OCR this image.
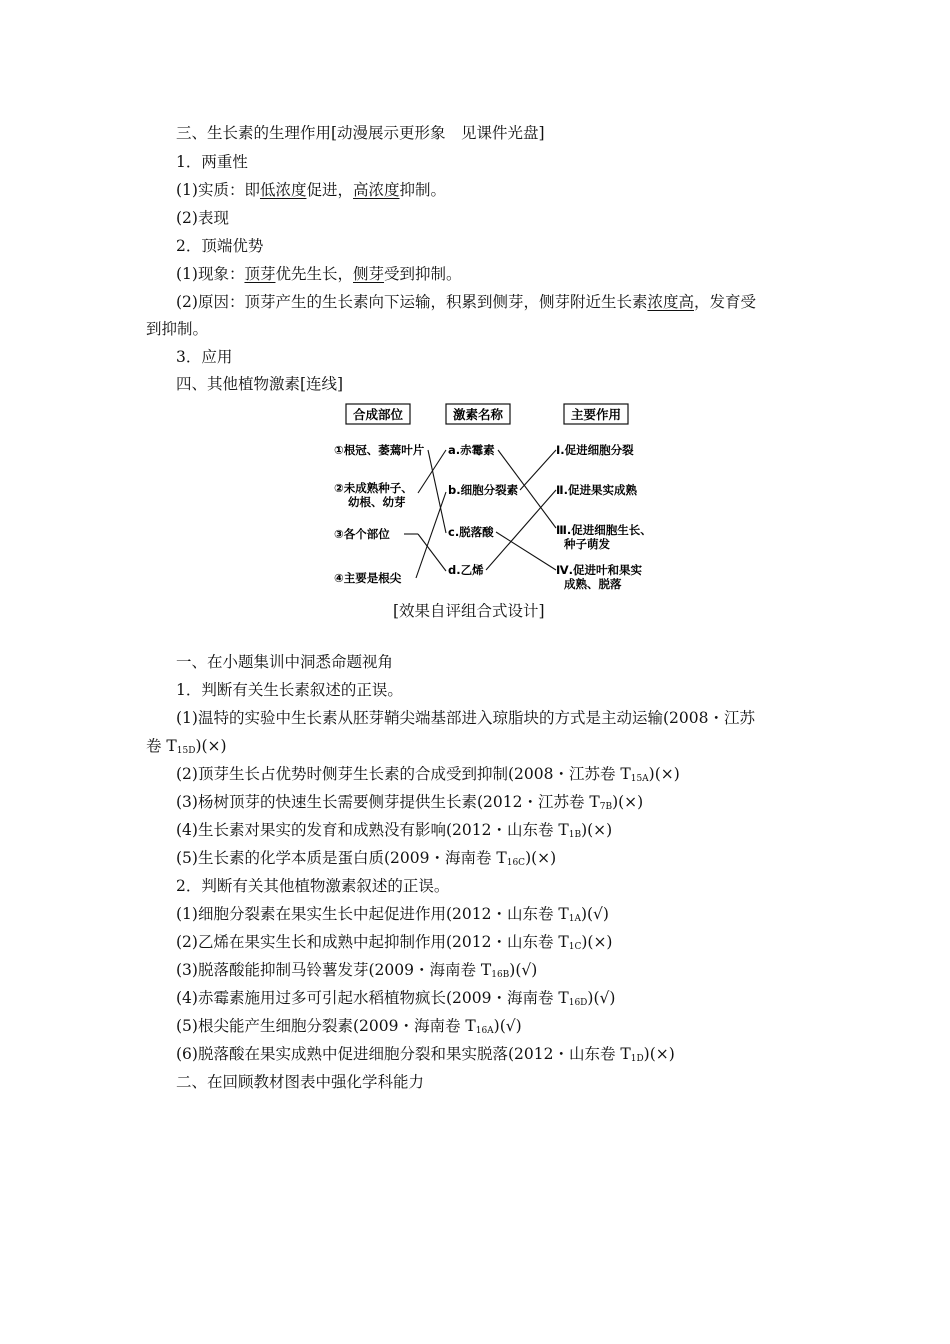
三、生长素的生理作用[动漫展示更形象　见课件光盘]
1．两重性
(1)实质：即低浓度促进，高浓度抑制。
(2)表现
2．顶端优势
(1)现象：顶芽优先生长，侧芽受到抑制。
(2)原因：顶芽产生的生长素向下运输，积累到侧芽，侧芽附近生长素浓度高，发育受
到抑制。
3．应用
四、其他植物激素[连线]
合成部位	激素名称	主要作用
①根冠、萎蔫叶片
②未成熟种子、
幼根、幼芽
③各个部位
④主要是根尖
a.赤霉素
b.细胞分裂素
c.脱落酸
d.乙烯
Ⅰ.促进细胞分裂
Ⅱ.促进果实成熟
Ⅲ.促进细胞生长、
种子萌发
Ⅳ.促进叶和果实
成熟、脱落
[效果自评组合式设计]
一、在小题集训中洞悉命题视角
1．判断有关生长素叙述的正误。
(1)温特的实验中生长素从胚芽鞘尖端基部进入琼脂块的方式是主动运输(2008・江苏
卷 $T_{15D})(\times)$
(2)顶芽生长占优势时侧芽生长素的合成受到抑制(2008・江苏卷 $T_{15A})(\times)$
(3)杨树顶芽的快速生长需要侧芽提供生长素(2012・江苏卷 $T_{7B})(\times)$
(4)生长素对果实的发育和成熟没有影响(2012・山东卷 $T_{1B})(\times)$
(5)生长素的化学本质是蛋白质(2009・海南卷 $T_{16C})(\times)$
2．判断有关其他植物激素叙述的正误。
(1)细胞分裂素在果实生长中起促进作用(2012・山东卷 $T_{1A})(√)$
(2)乙烯在果实生长和成熟中起抑制作用(2012・山东卷 $T_{1C})(\times)$
(3)脱落酸能抑制马铃薯发芽(2009・海南卷 $T_{16B})(√)$
(4)赤霉素施用过多可引起水稻植物疯长(2009・海南卷 $T_{16D})(√)$
(5)根尖能产生细胞分裂素(2009・海南卷 $T_{16A})(√)$
(6)脱落酸在果实成熟中促进细胞分裂和果实脱落(2012・山东卷 $T_{1D})(\times)$
二、在回顾教材图表中强化学科能力
